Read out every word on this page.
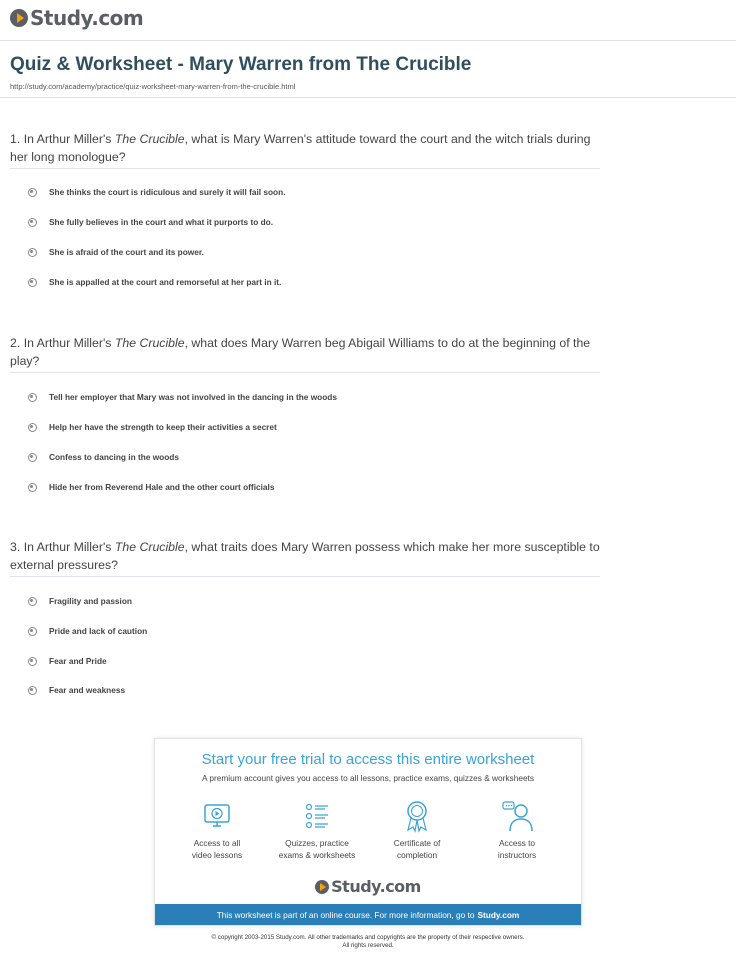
Study.com
Quiz & Worksheet - Mary Warren from The Crucible
http://study.com/academy/practice/quiz-worksheet-mary-warren-from-the-crucible.html
1. In Arthur Miller's The Crucible, what is Mary Warren's attitude toward the court and the witch trials during her long monologue?
She thinks the court is ridiculous and surely it will fail soon.
She fully believes in the court and what it purports to do.
She is afraid of the court and its power.
She is appalled at the court and remorseful at her part in it.
2. In Arthur Miller's The Crucible, what does Mary Warren beg Abigail Williams to do at the beginning of the play?
Tell her employer that Mary was not involved in the dancing in the woods
Help her have the strength to keep their activities a secret
Confess to dancing in the woods
Hide her from Reverend Hale and the other court officials
3. In Arthur Miller's The Crucible, what traits does Mary Warren possess which make her more susceptible to external pressures?
Fragility and passion
Pride and lack of caution
Fear and Pride
Fear and weakness
Start your free trial to access this entire worksheet
A premium account gives you access to all lessons, practice exams, quizzes & worksheets
Access to all
video lessons
Quizzes, practice
exams & worksheets
Certificate of
completion
Access to
instructors
Study.com
This worksheet is part of an online course. For more information, go to Study.com
© copyright 2003-2015 Study.com. All other trademarks and copyrights are the property of their respective owners.
All rights reserved.
